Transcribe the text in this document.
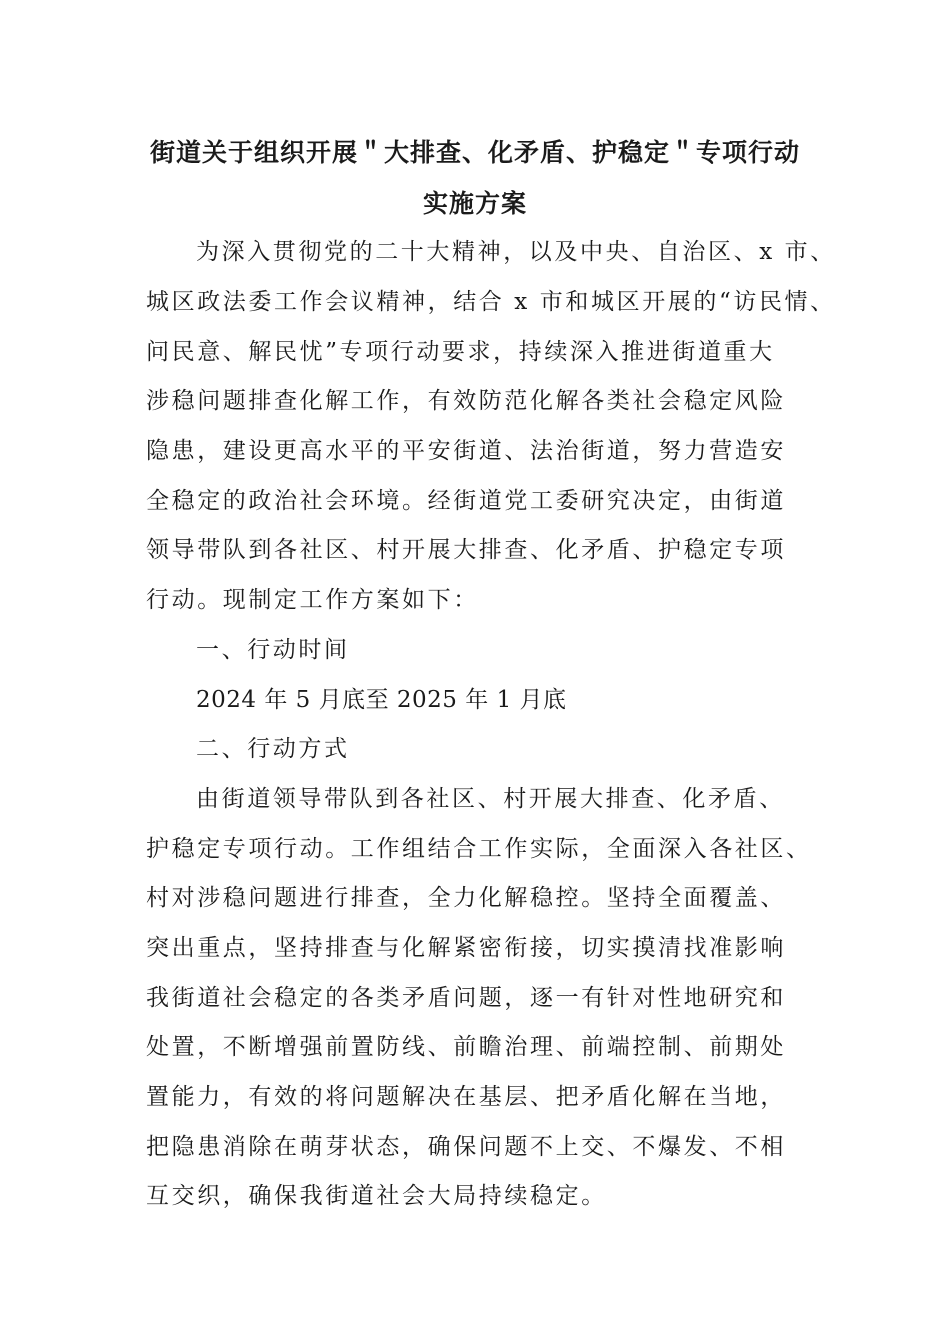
街道关于组织开展＂大排查、化矛盾、护稳定＂专项行动
实施方案
为深入贯彻党的二十大精神，以及中央、自治区、x 市、
城区政法委工作会议精神，结合 x 市和城区开展的“访民情、
问民意、解民忧”专项行动要求，持续深入推进街道重大
涉稳问题排查化解工作，有效防范化解各类社会稳定风险
隐患，建设更高水平的平安街道、法治街道，努力营造安
全稳定的政治社会环境。经街道党工委研究决定，由街道
领导带队到各社区、村开展大排查、化矛盾、护稳定专项
行动。现制定工作方案如下：
一、行动时间
2024 年 5 月底至 2025 年 1 月底
二、行动方式
由街道领导带队到各社区、村开展大排查、化矛盾、
护稳定专项行动。工作组结合工作实际，全面深入各社区、
村对涉稳问题进行排查，全力化解稳控。坚持全面覆盖、
突出重点，坚持排查与化解紧密衔接，切实摸清找准影响
我街道社会稳定的各类矛盾问题，逐一有针对性地研究和
处置，不断增强前置防线、前瞻治理、前端控制、前期处
置能力，有效的将问题解决在基层、把矛盾化解在当地，
把隐患消除在萌芽状态，确保问题不上交、不爆发、不相
互交织，确保我街道社会大局持续稳定。
